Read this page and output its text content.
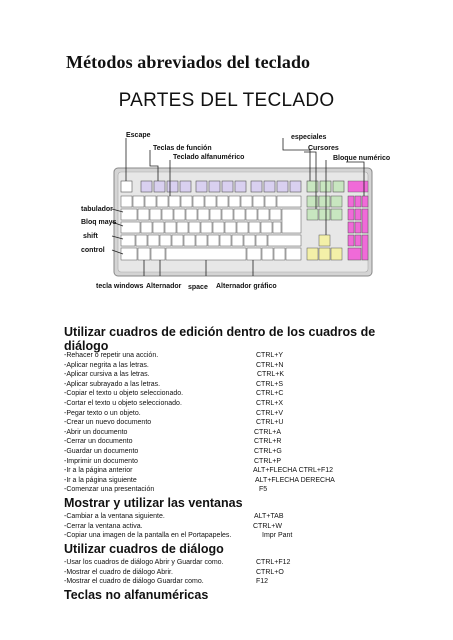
Métodos abreviados del teclado
PARTES DEL TECLADO
Escape
Teclas de función
Teclado alfanumérico
especiales
Cursores
Bloque numérico
tabulador
Bloq mays
shift
control
tecla windows Alternador space Alternador gráfico
Utilizar cuadros de edición dentro de los cuadros de diálogo
-Rehacer o repetir una acción.	CTRL+Y
-Aplicar negrita a las letras.	CTRL+N
-Aplicar cursiva a las letras.	CTRL+K
-Aplicar subrayado a las letras.	CTRL+S
-Copiar el texto u objeto seleccionado.	CTRL+C
-Cortar el texto u objeto seleccionado.	CTRL+X
-Pegar texto o un objeto.	CTRL+V
-Crear un nuevo documento	CTRL+U
-Abrir un documento	CTRL+A
-Cerrar un documento	CTRL+R
-Guardar un documento	CTRL+G
-Imprimir un documento	CTRL+P
-Ir a la página anterior	ALT+FLECHA CTRL+F12
-Ir a la página siguiente	ALT+FLECHA DERECHA
-Comenzar una presentación	F5
Mostrar y utilizar las ventanas
-Cambiar a la ventana siguiente.	ALT+TAB
-Cerrar la ventana activa.	CTRL+W
-Copiar una imagen de la pantalla en el Portapapeles.	Impr Pant
Utilizar cuadros de diálogo
-Usar los cuadros de diálogo Abrir y Guardar como.	CTRL+F12
-Mostrar el cuadro de diálogo Abrir.	CTRL+O
-Mostrar el cuadro de diálogo Guardar como.	F12
Teclas no alfanuméricas
